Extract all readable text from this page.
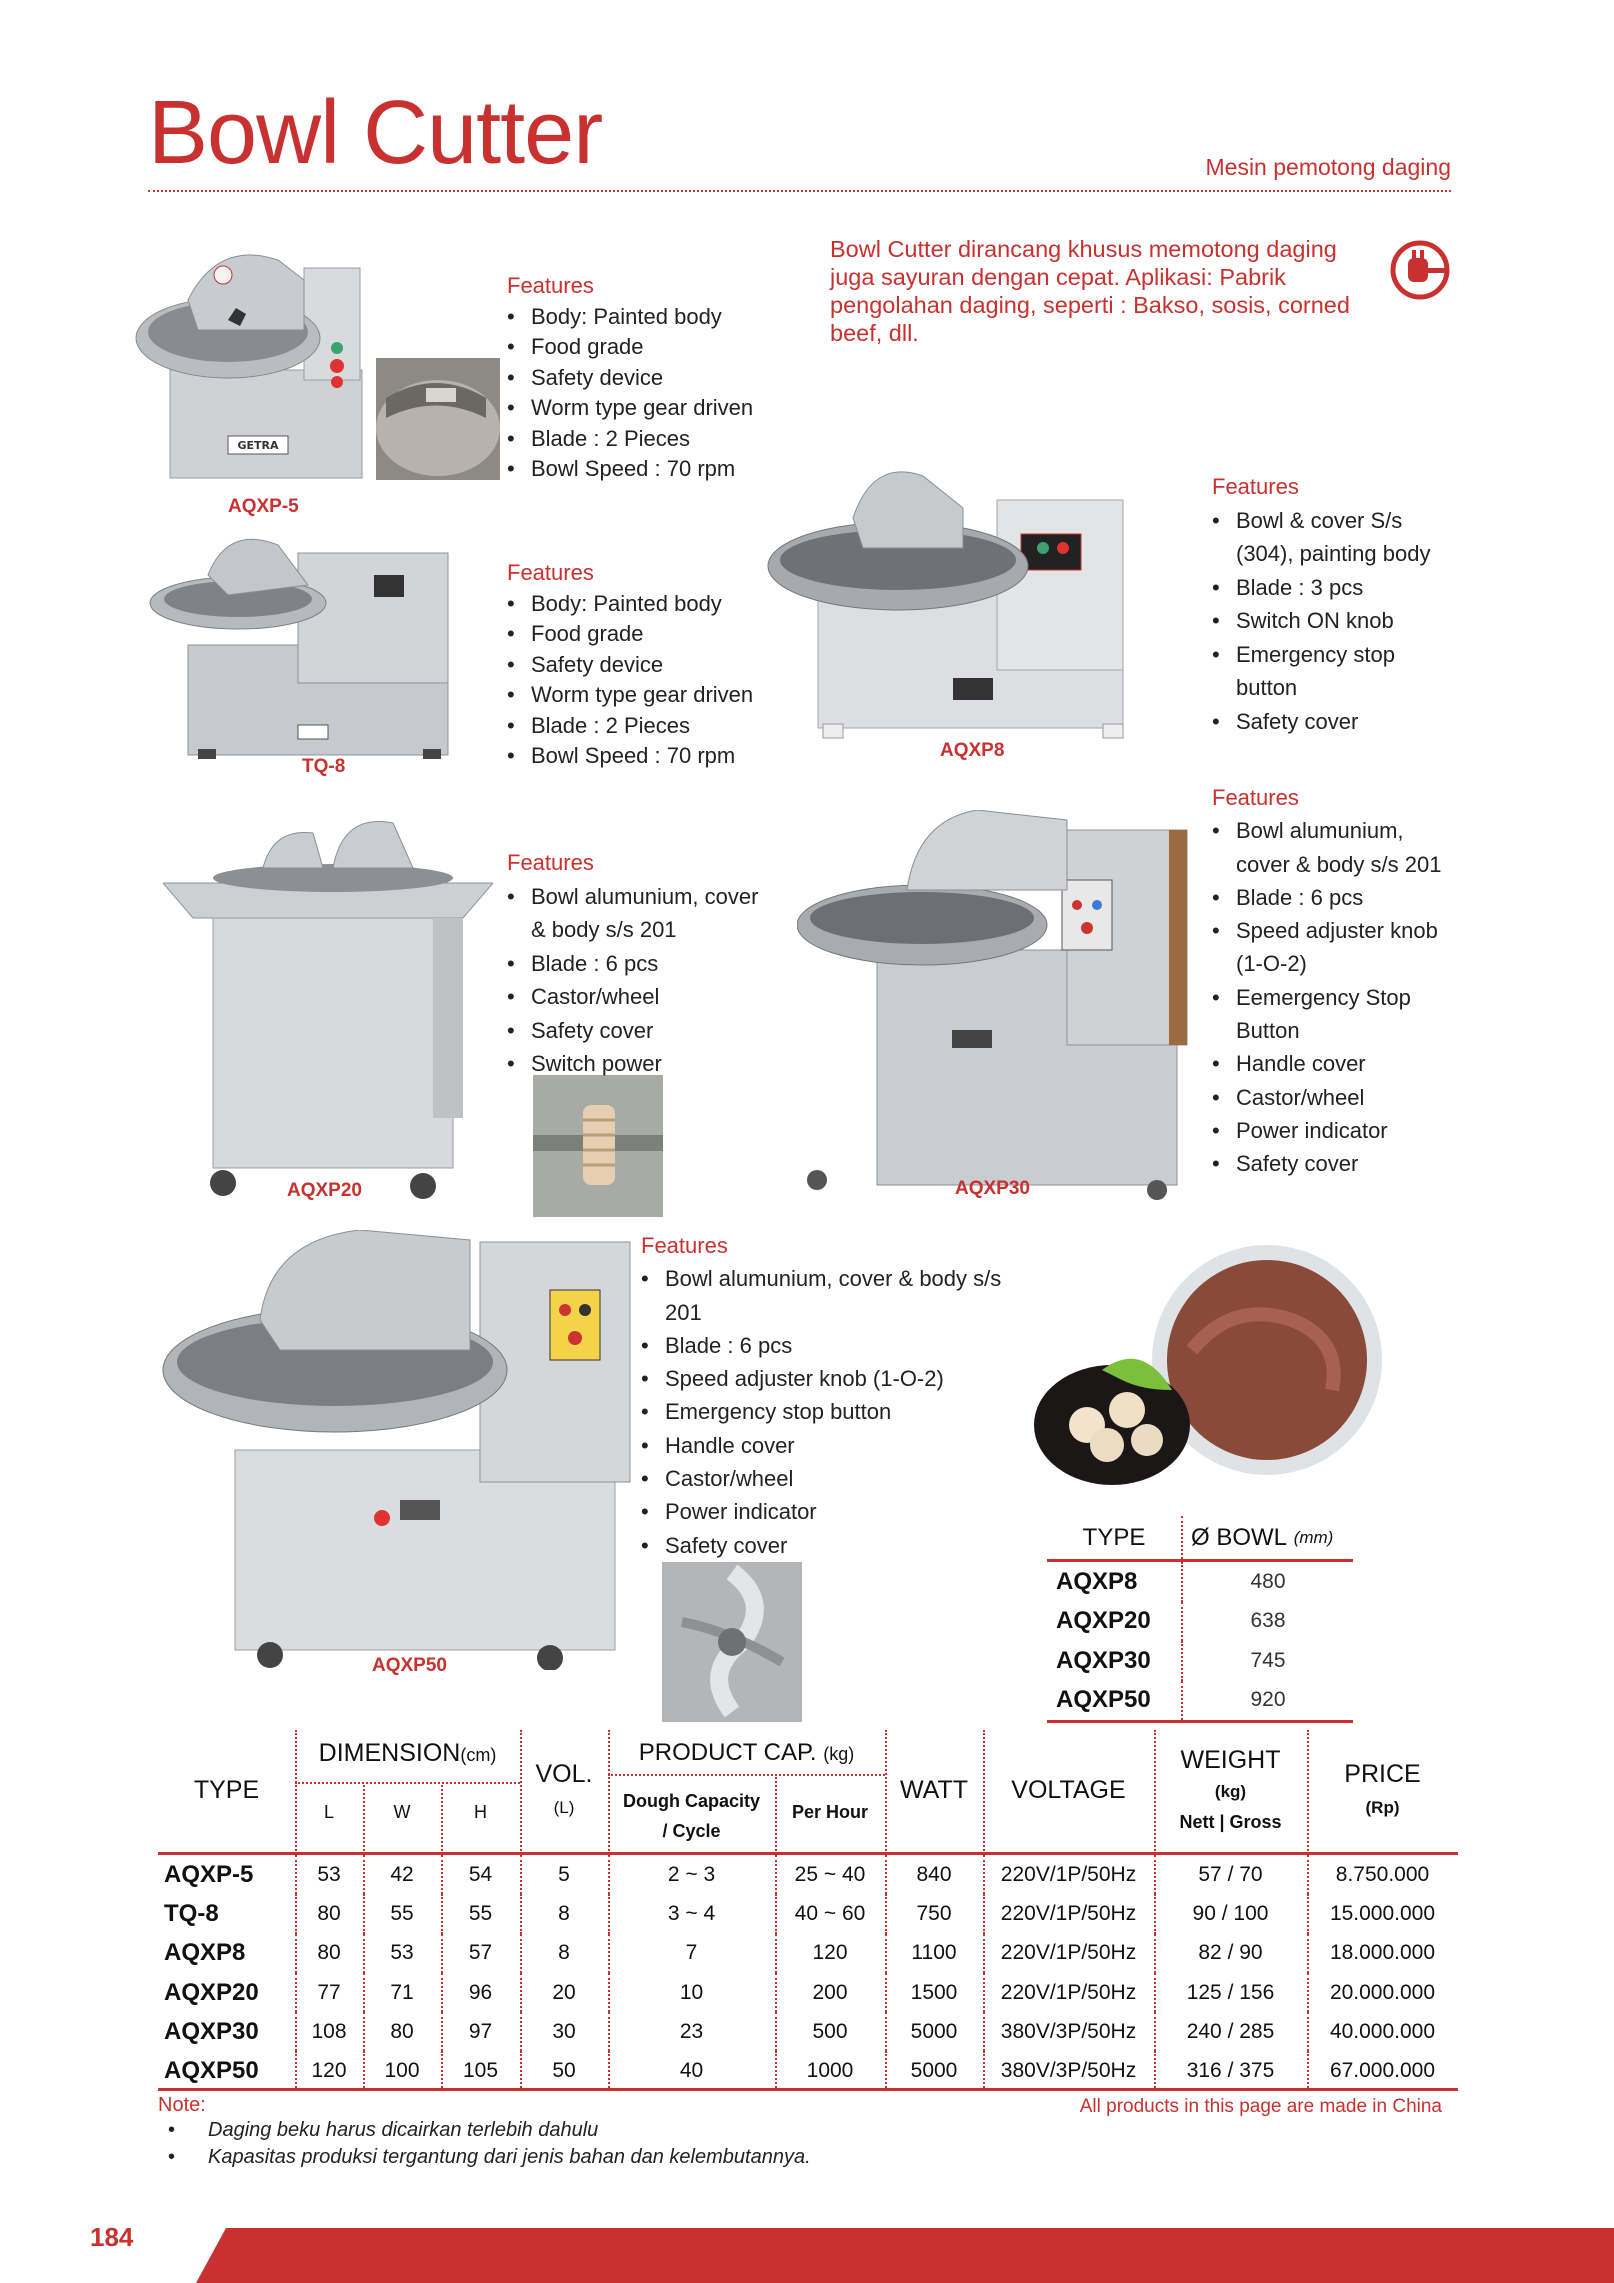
Bowl Cutter	Mesin pemotong daging
Bowl Cutter dirancang khusus memotong daging juga sayuran dengan cepat. Aplikasi: Pabrik pengolahan daging, seperti : Bakso, sosis, corned beef, dll.
GETRA
AQXP-5
Features
• Body: Painted body
• Food grade
• Safety device
• Worm type gear driven
• Blade : 2 Pieces
• Bowl Speed : 70 rpm
TQ-8
Features
• Body: Painted body
• Food grade
• Safety device
• Worm type gear driven
• Blade : 2 Pieces
• Bowl Speed : 70 rpm	AQXP8
Features
• Bowl & cover S/s (304), painting body
• Blade : 3 pcs
• Switch ON knob
• Emergency stop button
• Safety cover
AQXP20
Features
• Bowl alumunium, cover & body s/s 201
• Blade : 6 pcs
• Castor/wheel
• Safety cover
• Switch power
AQXP30
Features
• Bowl alumunium, cover & body s/s 201
• Blade : 6 pcs
• Speed adjuster knob (1-O-2)
• Eemergency Stop Button
• Handle cover
• Castor/wheel
• Power indicator
• Safety cover
AQXP50
Features
• Bowl alumunium, cover & body s/s 201
• Blade : 6 pcs
• Speed adjuster knob (1-O-2)
• Emergency stop button
• Handle cover
• Castor/wheel
• Power indicator
• Safety cover	TYPE	Ø BOWL
(mm)
AQXP8	480
AQXP20	638
AQXP30	745
AQXP50	920
TYPE
DIMENSION(cm)
L	W	H
VOL.
(L)
PRODUCT CAP. (kg)
Dough Capacity
/ Cycle
Per Hour
WATT	VOLTAGE
WEIGHT
(kg)
Nett | Gross
PRICE
(Rp)
AQXP-5	53	42	54	5	2 ~ 3	25 ~ 40	840	220V/1P/50Hz	57 / 70	8.750.000
TQ-8	80	55	55	8	3 ~ 4	40 ~ 60	750	220V/1P/50Hz	90 / 100	15.000.000
AQXP8	80	53	57	8	7	120	1100	220V/1P/50Hz	82 / 90	18.000.000
AQXP20	77	71	96	20	10	200	1500	220V/1P/50Hz	125 / 156	20.000.000
AQXP30	108	80	97	30	23	500	5000	380V/3P/50Hz	240 / 285	40.000.000
AQXP50	120	100	105	50	40	1000	5000	380V/3P/50Hz	316 / 375	67.000.000
Note:	All products in this page are made in China
• Daging beku harus dicairkan terlebih dahulu
• Kapasitas produksi tergantung dari jenis bahan dan kelembutannya.
184
